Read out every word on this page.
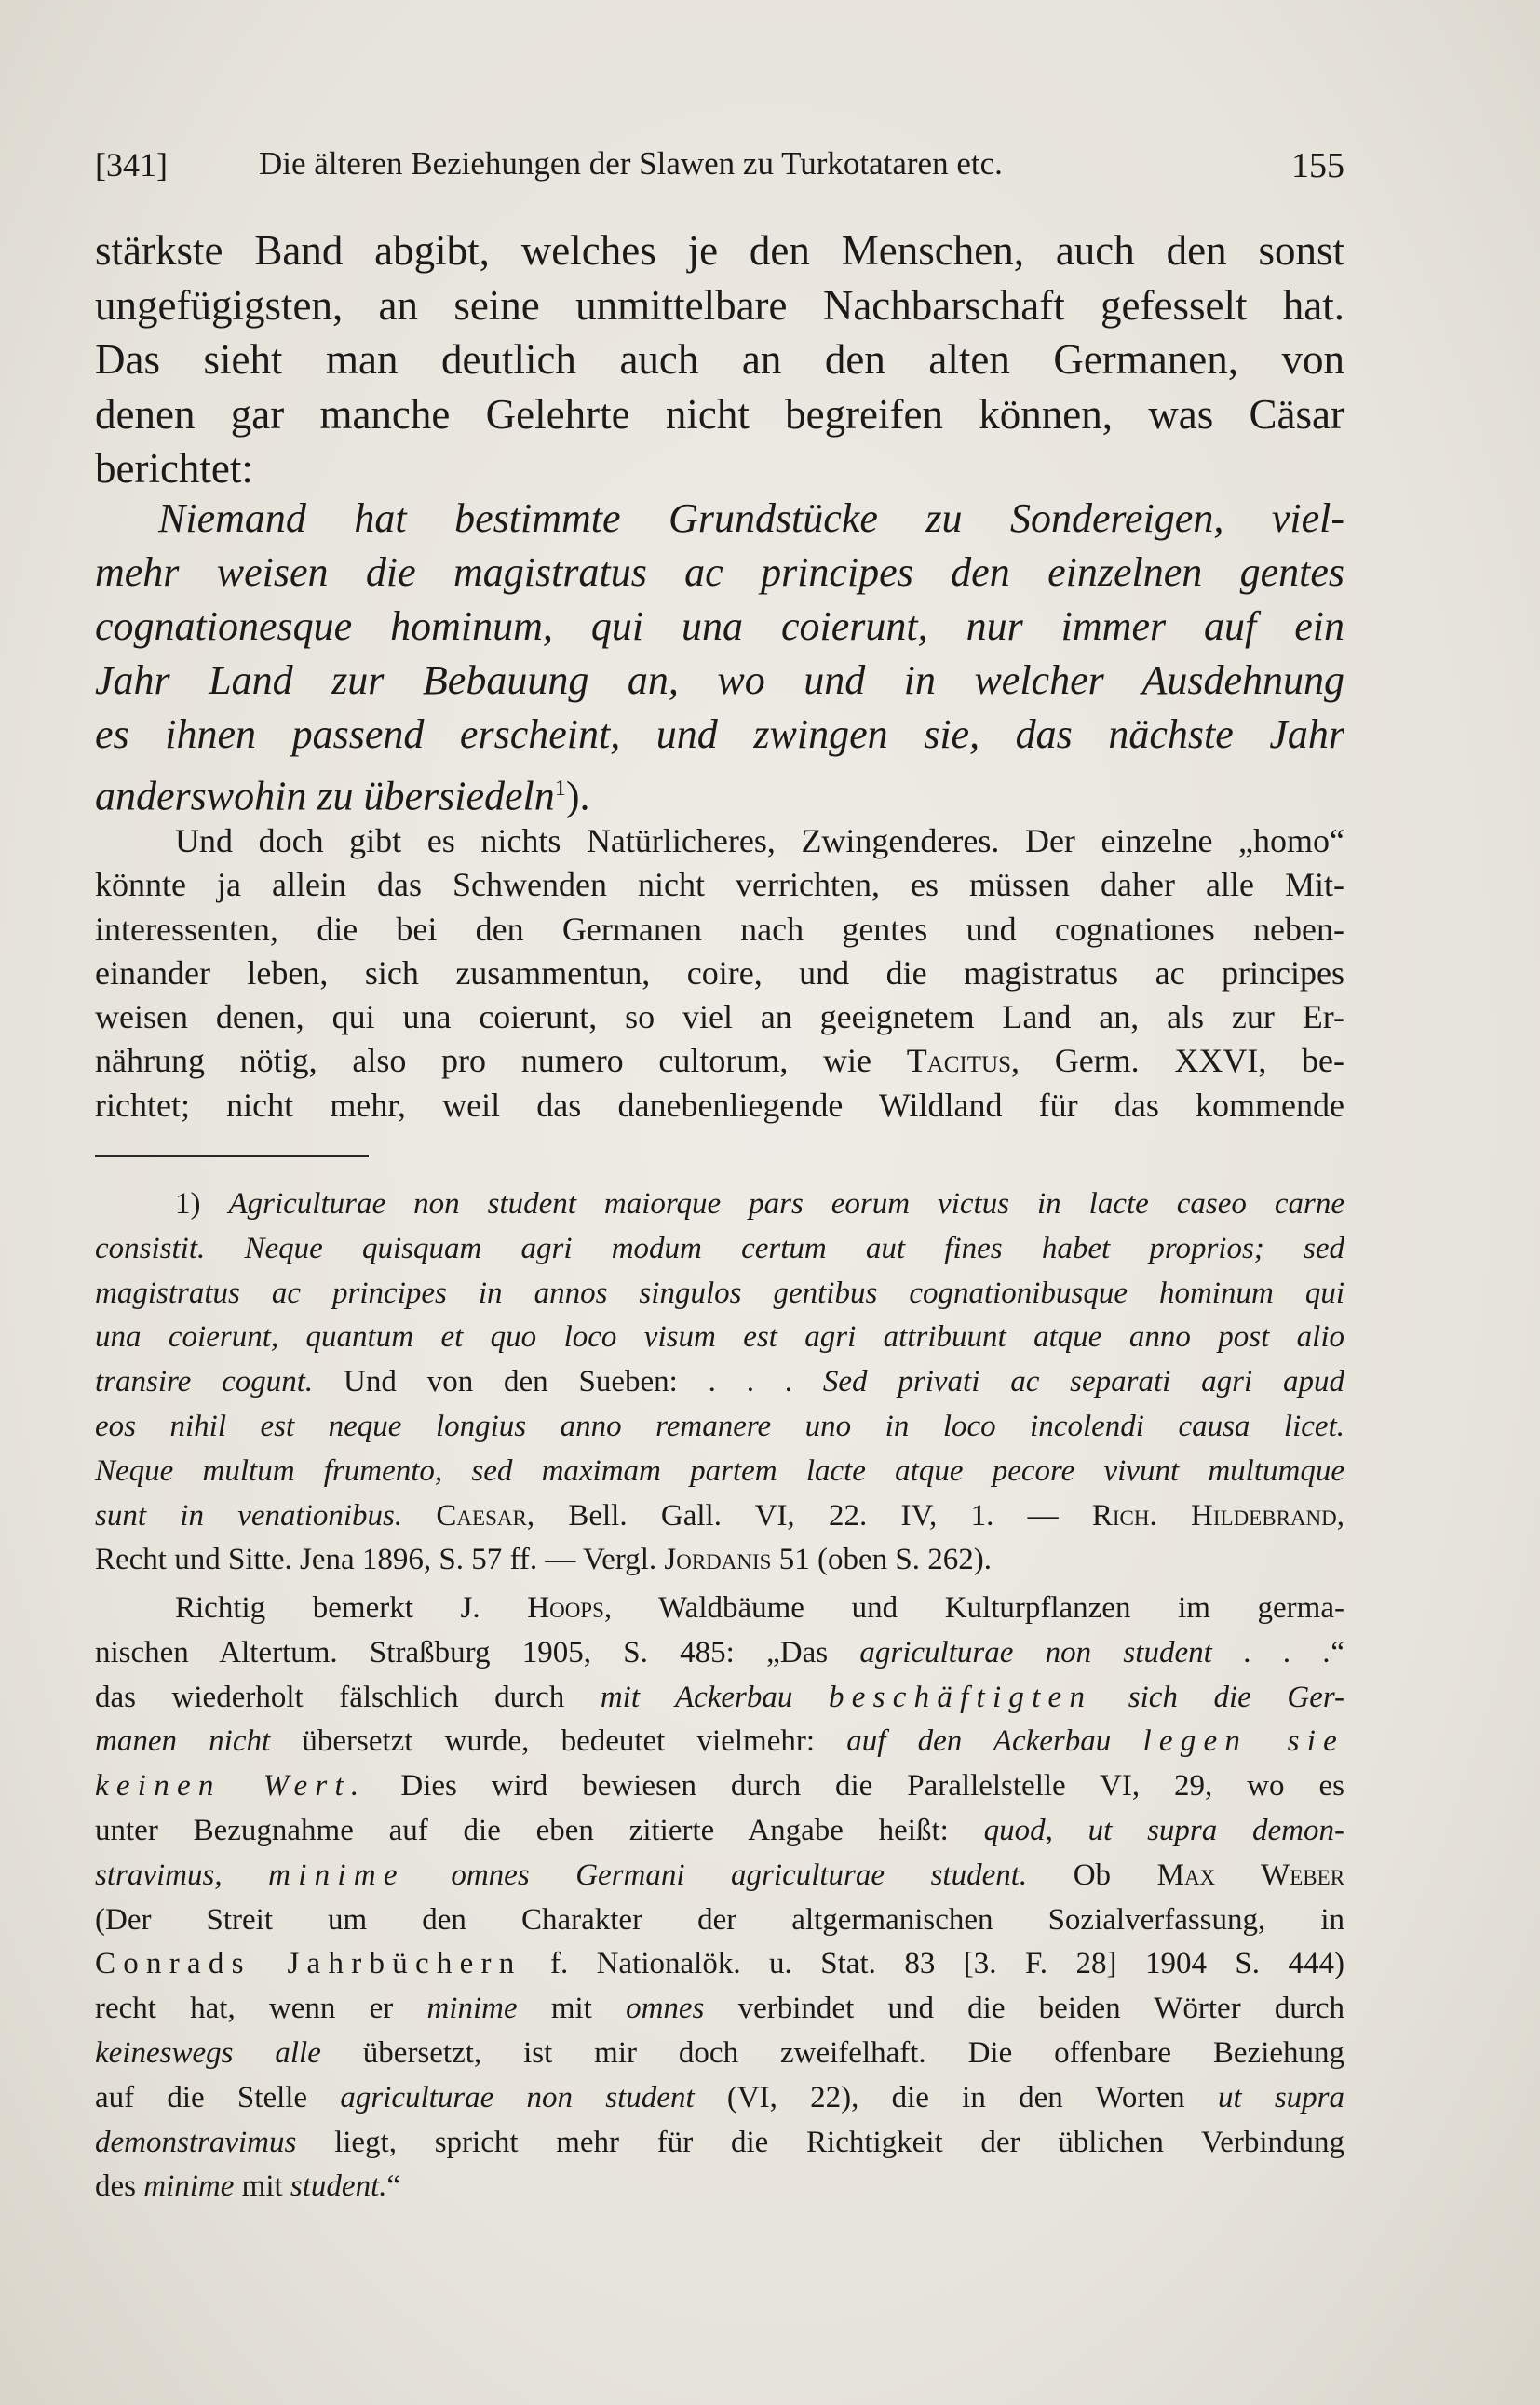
[341]	Die älteren Beziehungen der Slawen zu Turkotataren etc.	155
stärkste Band abgibt, welches je den Menschen, auch den sonst
ungefügigsten, an seine unmittelbare Nachbarschaft gefesselt hat.
Das sieht man deutlich auch an den alten Germanen, von
denen gar manche Gelehrte nicht begreifen können, was Cäsar
berichtet:

Niemand hat bestimmte Grundstücke zu Sondereigen, viel-

mehr weisen die magistratus ac principes den einzelnen gentes

cognationesque hominum, qui una coierunt, nur immer auf ein

Jahr Land zur Bebauung an, wo und in welcher Ausdehnung

es ihnen passend erscheint, und zwingen sie, das nächste Jahr

anderswohin zu übersiedeln$^1$).

Und doch gibt es nichts Natürlicheres, Zwingenderes. Der einzelne „homo“
könnte ja allein das Schwenden nicht verrichten, es müssen daher alle Mit-
interessenten, die bei den Germanen nach gentes und cognationes neben-
einander leben, sich zusammentun, coire, und die magistratus ac principes
weisen denen, qui una coierunt, so viel an geeignetem Land an, als zur Er-
nährung nötig, also pro numero cultorum, wie Tacitus, Germ. XXVI, be-
richtet; nicht mehr, weil das danebenliegende Wildland für das kommende

1) Agriculturae non student maiorque pars eorum victus in lacte caseo carne

consistit. Neque quisquam agri modum certum aut fines habet proprios; sed

magistratus ac principes in annos singulos gentibus cognationibusque hominum qui

una coierunt, quantum et quo loco visum est agri attribuunt atque anno post alio

transire cogunt. Und von den Sueben: . . . Sed privati ac separati agri apud

eos nihil est neque longius anno remanere uno in loco incolendi causa licet.

Neque multum frumento, sed maximam partem lacte atque pecore vivunt multumque

sunt in venationibus. Caesar, Bell. Gall. VI, 22. IV, 1. — Rich. Hildebrand,

Recht und Sitte. Jena 1896, S. 57 ff. — Vergl. Jordanis 51 (oben S. 262).

Richtig bemerkt J. Hoops, Waldbäume und Kulturpflanzen im germa-

nischen Altertum. Straßburg 1905, S. 485: „Das agriculturae non student . . .“

das wiederholt fälschlich durch mit Ackerbau beschäftigten sich die Ger-

manen nicht übersetzt wurde, bedeutet vielmehr: auf den Ackerbau legen sie

keinen Wert. Dies wird bewiesen durch die Parallelstelle VI, 29, wo es

unter Bezugnahme auf die eben zitierte Angabe heißt: quod, ut supra demon-

stravimus, minime omnes Germani agriculturae student. Ob Max Weber

(Der Streit um den Charakter der altgermanischen Sozialverfassung, in

Conrads Jahrbüchern f. Nationalök. u. Stat. 83 [3. F. 28] 1904 S. 444)

recht hat, wenn er minime mit omnes verbindet und die beiden Wörter durch

keineswegs alle übersetzt, ist mir doch zweifelhaft. Die offenbare Beziehung

auf die Stelle agriculturae non student (VI, 22), die in den Worten ut supra

demonstravimus liegt, spricht mehr für die Richtigkeit der üblichen Verbindung

des minime mit student.“
